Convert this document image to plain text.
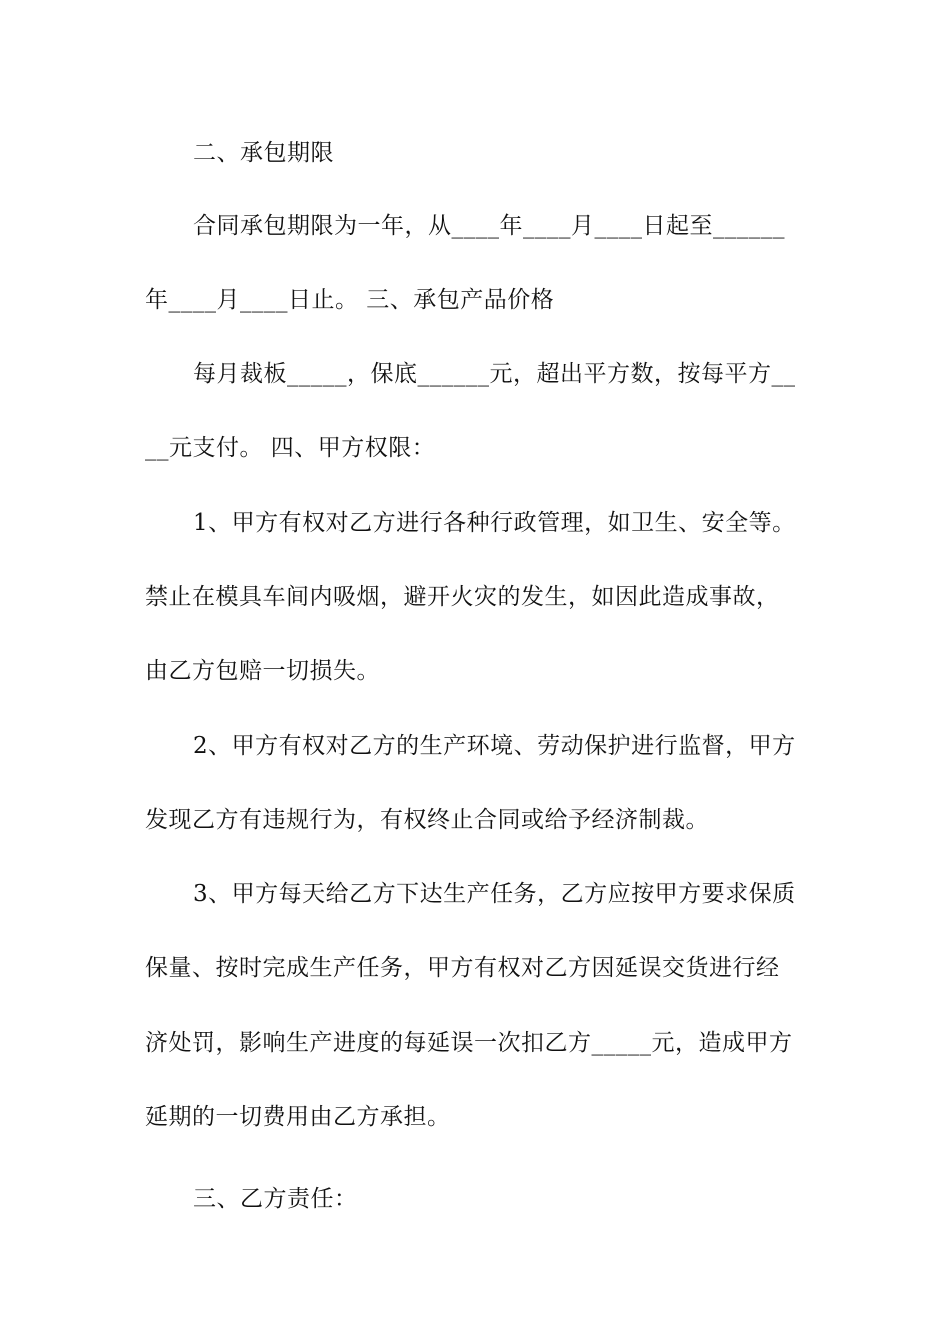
二、承包期限
合同承包期限为一年，从____年____月____日起至______
年____月____日止。 三、承包产品价格
每月裁板_____，保底______元，超出平方数，按每平方__
__元支付。 四、甲方权限：
1、甲方有权对乙方进行各种行政管理，如卫生、安全等。
禁止在模具车间内吸烟，避开火灾的发生，如因此造成事故，
由乙方包赔一切损失。
2、甲方有权对乙方的生产环境、劳动保护进行监督，甲方
发现乙方有违规行为，有权终止合同或给予经济制裁。
3、甲方每天给乙方下达生产任务，乙方应按甲方要求保质
保量、按时完成生产任务，甲方有权对乙方因延误交货进行经
济处罚，影响生产进度的每延误一次扣乙方_____元，造成甲方
延期的一切费用由乙方承担。
三、乙方责任：
